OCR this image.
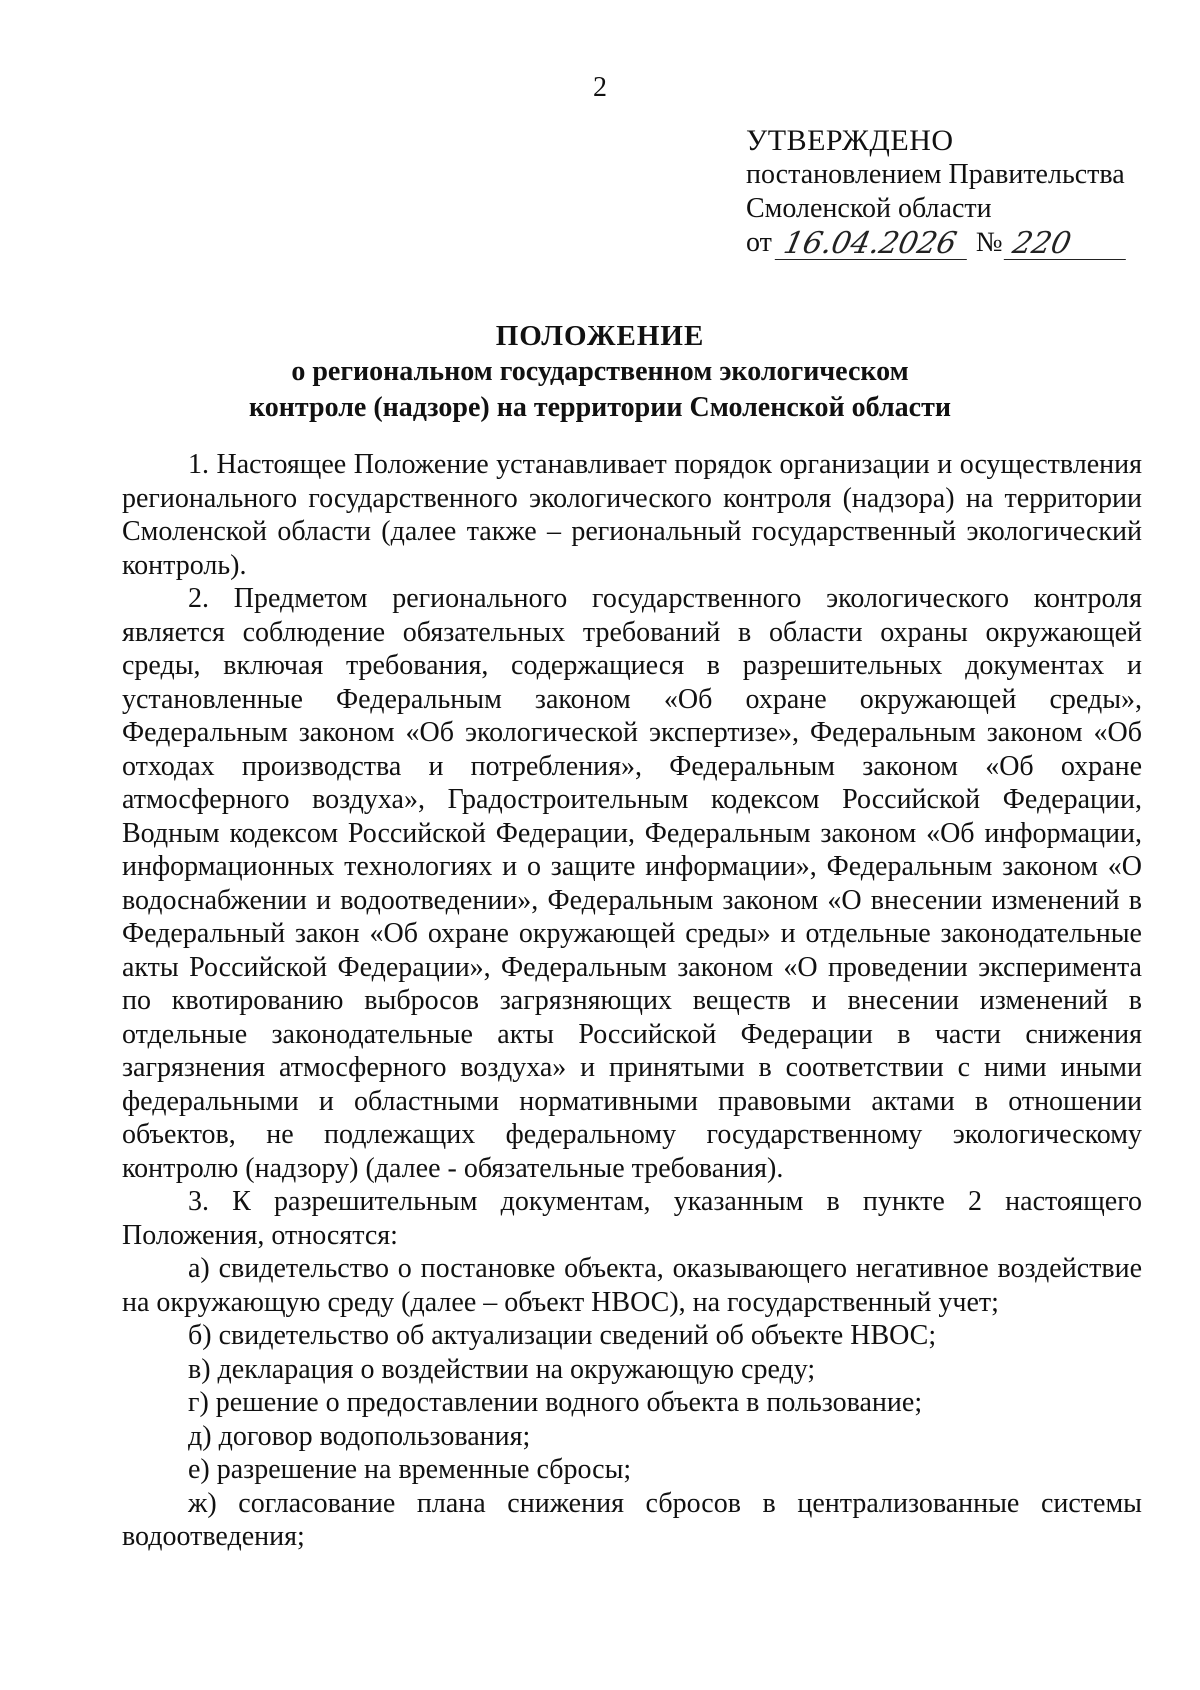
2
УТВЕРЖДЕНО
постановлением Правительства
Смоленской области
от 16.04.2026 № 220
ПОЛОЖЕНИЕ
о региональном государственном экологическом
контроле (надзоре) на территории Смоленской области

1. Настоящее Положение устанавливает порядок организации и осуществления регионального государственного экологического контроля (надзора) на территории Смоленской области (далее также – региональный государственный экологический контроль).

2. Предметом регионального государственного экологического контроля является соблюдение обязательных требований в области охраны окружающей среды, включая требования, содержащиеся в разрешительных документах и установленные Федеральным законом «Об охране окружающей среды», Федеральным законом «Об экологической экспертизе», Федеральным законом «Об отходах производства и потребления», Федеральным законом «Об охране атмосферного воздуха», Градостроительным кодексом Российской Федерации, Водным кодексом Российской Федерации, Федеральным законом «Об информации, информационных технологиях и о защите информации», Федеральным законом «О водоснабжении и водоотведении», Федеральным законом «О внесении изменений в Федеральный закон «Об охране окружающей среды» и отдельные законодательные акты Российской Федерации», Федеральным законом «О проведении эксперимента по квотированию выбросов загрязняющих веществ и внесении изменений в отдельные законодательные акты Российской Федерации в части снижения загрязнения атмосферного воздуха» и принятыми в соответствии с ними иными федеральными и областными нормативными правовыми актами в отношении объектов, не подлежащих федеральному государственному экологическому контролю (надзору) (далее - обязательные требования).

3. К разрешительным документам, указанным в пункте 2 настоящего Положения, относятся:

а) свидетельство о постановке объекта, оказывающего негативное воздействие на окружающую среду (далее – объект НВОС), на государственный учет;

б) свидетельство об актуализации сведений об объекте НВОС;

в) декларация о воздействии на окружающую среду;

г) решение о предоставлении водного объекта в пользование;

д) договор водопользования;

е) разрешение на временные сбросы;

ж) согласование плана снижения сбросов в централизованные системы водоотведения;
